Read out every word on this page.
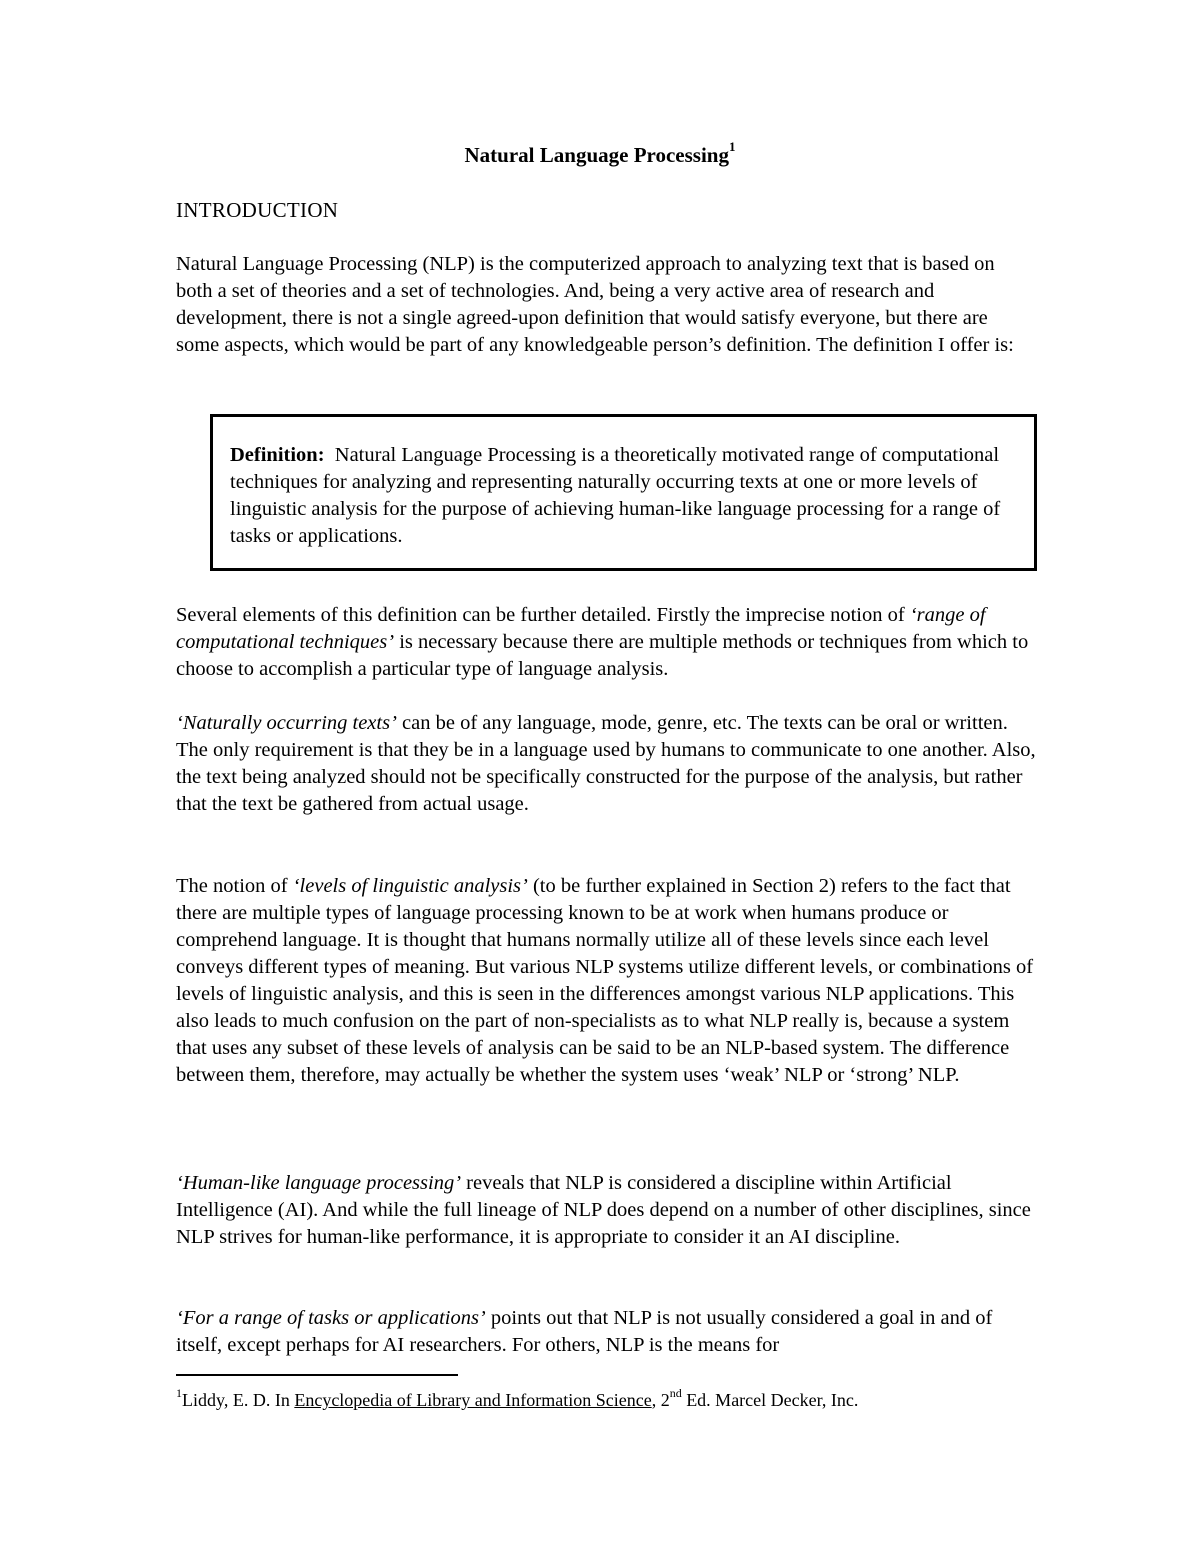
Natural Language Processing$^1$
INTRODUCTION

Natural Language Processing (NLP) is the computerized approach to analyzing text that is based on both a set of theories and a set of technologies. And, being a very active area of research and development, there is not a single agreed-upon definition that would satisfy everyone, but there are some aspects, which would be part of any knowledgeable person’s definition. The definition I offer is:

Definition: Natural Language Processing is a theoretically motivated range of computational techniques for analyzing and representing naturally occurring texts at one or more levels of linguistic analysis for the purpose of achieving human-like language processing for a range of tasks or applications.

Several elements of this definition can be further detailed. Firstly the imprecise notion of ‘range of computational techniques’ is necessary because there are multiple methods or techniques from which to choose to accomplish a particular type of language analysis.

‘Naturally occurring texts’ can be of any language, mode, genre, etc. The texts can be oral or written. The only requirement is that they be in a language used by humans to communicate to one another. Also, the text being analyzed should not be specifically constructed for the purpose of the analysis, but rather that the text be gathered from actual usage.

The notion of ‘levels of linguistic analysis’ (to be further explained in Section 2) refers to the fact that there are multiple types of language processing known to be at work when humans produce or comprehend language. It is thought that humans normally utilize all of these levels since each level conveys different types of meaning. But various NLP systems utilize different levels, or combinations of levels of linguistic analysis, and this is seen in the differences amongst various NLP applications. This also leads to much confusion on the part of non-specialists as to what NLP really is, because a system that uses any subset of these levels of analysis can be said to be an NLP-based system. The difference between them, therefore, may actually be whether the system uses ‘weak’ NLP or ‘strong’ NLP.

‘Human-like language processing’ reveals that NLP is considered a discipline within Artificial Intelligence (AI). And while the full lineage of NLP does depend on a number of other disciplines, since NLP strives for human-like performance, it is appropriate to consider it an AI discipline.

‘For a range of tasks or applications’ points out that NLP is not usually considered a goal in and of itself, except perhaps for AI researchers. For others, NLP is the means for

$^1$Liddy, E. D. In Encyclopedia of Library and Information Science, 2nd Ed. Marcel Decker, Inc.
